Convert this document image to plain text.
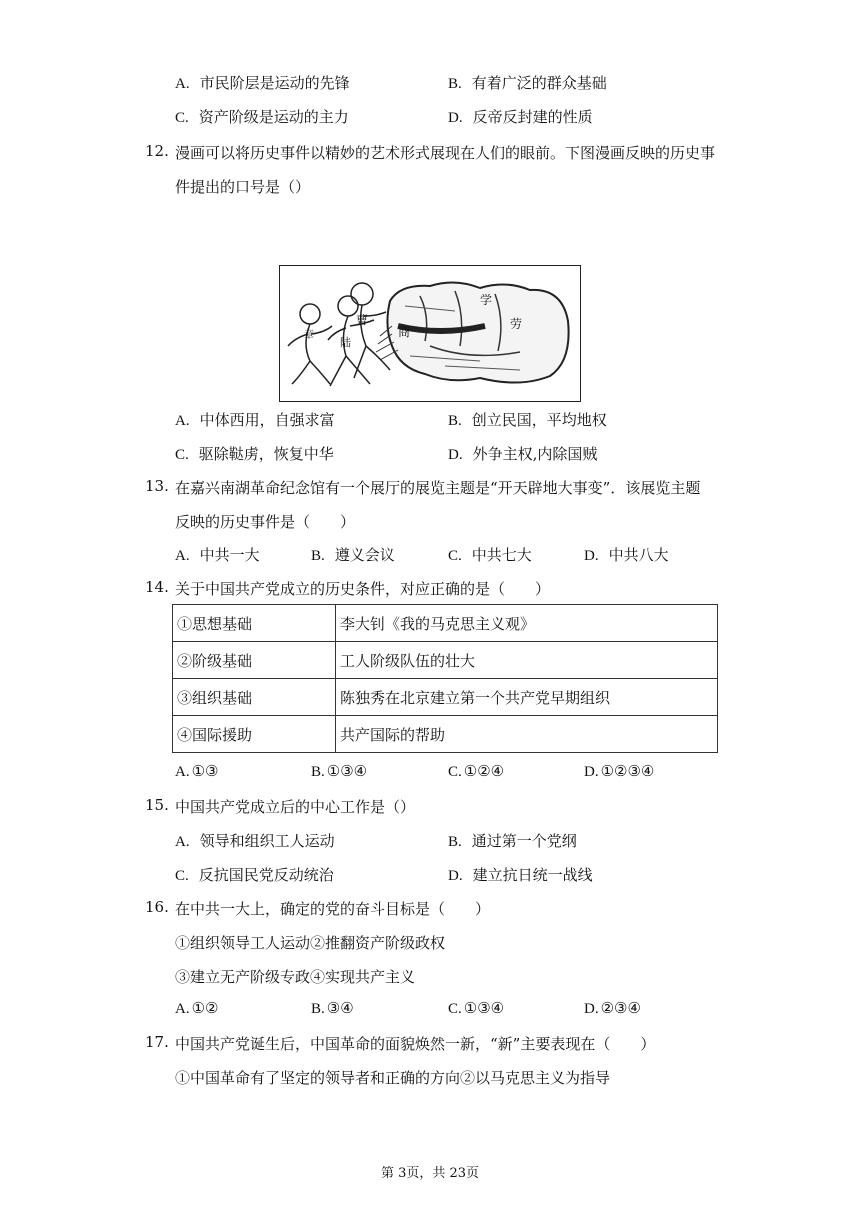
A. 市民阶层是运动的先锋	B. 有着广泛的群众基础
C. 资产阶级是运动的主力	D. 反帝反封建的性质
12. 漫画可以将历史事件以精妙的艺术形式展现在人们的眼前。下图漫画反映的历史事
件提出的口号是（）
章
陆
曹
商
学
劳
A. 中体西用，自强求富	B. 创立民国，平均地权
C. 驱除鞑虏，恢复中华	D. 外争主权,内除国贼
13. 在嘉兴南湖革命纪念馆有一个展厅的展览主题是“开天辟地大事变”．该展览主题
反映的历史事件是（　　）
A. 中共一大	B. 遵义会议	C. 中共七大	D. 中共八大
14. 关于中国共产党成立的历史条件，对应正确的是（　　）
①思想基础	李大钊《我的马克思主义观》
②阶级基础	工人阶级队伍的壮大
③组织基础	陈独秀在北京建立第一个共产党早期组织
④国际援助	共产国际的帮助
A. ①③	B. ①③④	C. ①②④	D. ①②③④
15. 中国共产党成立后的中心工作是（）
A. 领导和组织工人运动	B. 通过第一个党纲
C. 反抗国民党反动统治	D. 建立抗日统一战线
16. 在中共一大上，确定的党的奋斗目标是（　　）
①组织领导工人运动②推翻资产阶级政权
③建立无产阶级专政④实现共产主义
A. ①②	B. ③④	C. ①③④	D. ②③④
17. 中国共产党诞生后，中国革命的面貌焕然一新，“新”主要表现在（　　）
①中国革命有了坚定的领导者和正确的方向②以马克思主义为指导
第 3页，共 23页
